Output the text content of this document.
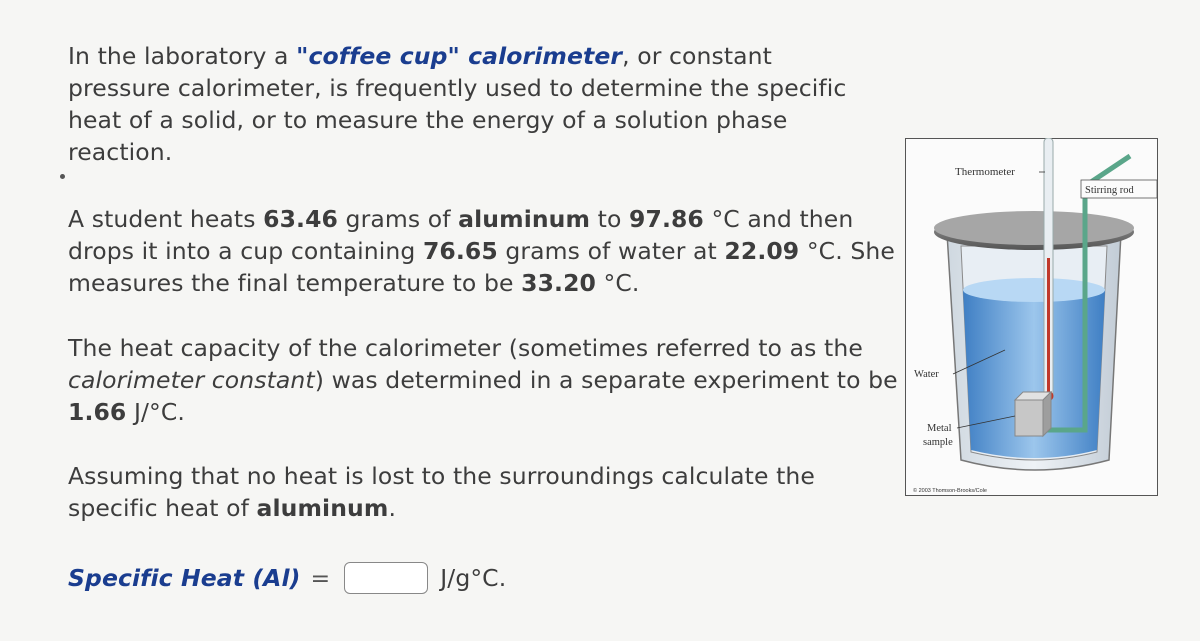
In the laboratory a "coffee cup" calorimeter, or constant pressure calorimeter, is frequently used to determine the specific heat of a solid, or to measure the energy of a solution phase reaction.

A student heats 63.46 grams of aluminum to 97.86 °C and then drops it into a cup containing 76.65 grams of water at 22.09 °C. She measures the final temperature to be 33.20 °C.

The heat capacity of the calorimeter (sometimes referred to as the calorimeter constant) was determined in a separate experiment to be 1.66 J/°C.

Assuming that no heat is lost to the surroundings calculate the specific heat of aluminum.

Specific Heat (Al) =	J/g°C.
Thermometer
Stirring rod
Water
Metal
sample
© 2003 Thomson-Brooks/Cole
